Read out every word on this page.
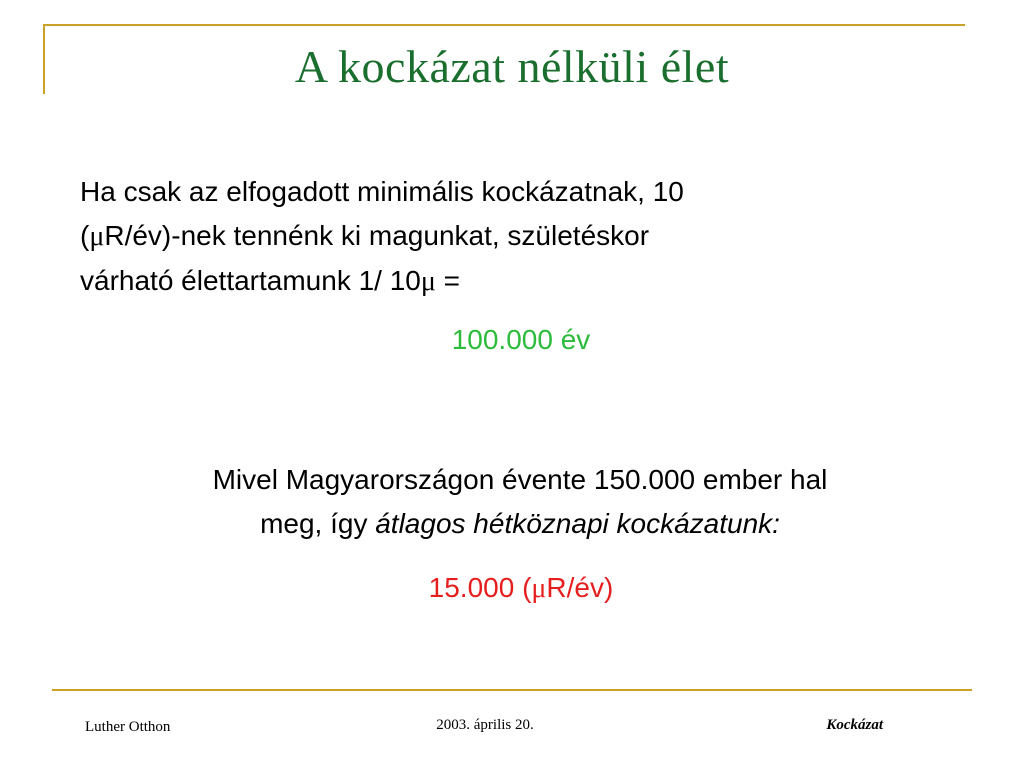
A kockázat nélküli élet
Ha csak az elfogadott minimális kockázatnak, 10
(μR/év)-nek tennénk ki magunkat, születéskor
várható élettartamunk 1/ 10μ =
100.000 év
Mivel Magyarországon évente 150.000 ember hal
meg, így átlagos hétköznapi kockázatunk:
15.000 (μR/év)
Luther Otthon	2003. április 20.	Kockázat
